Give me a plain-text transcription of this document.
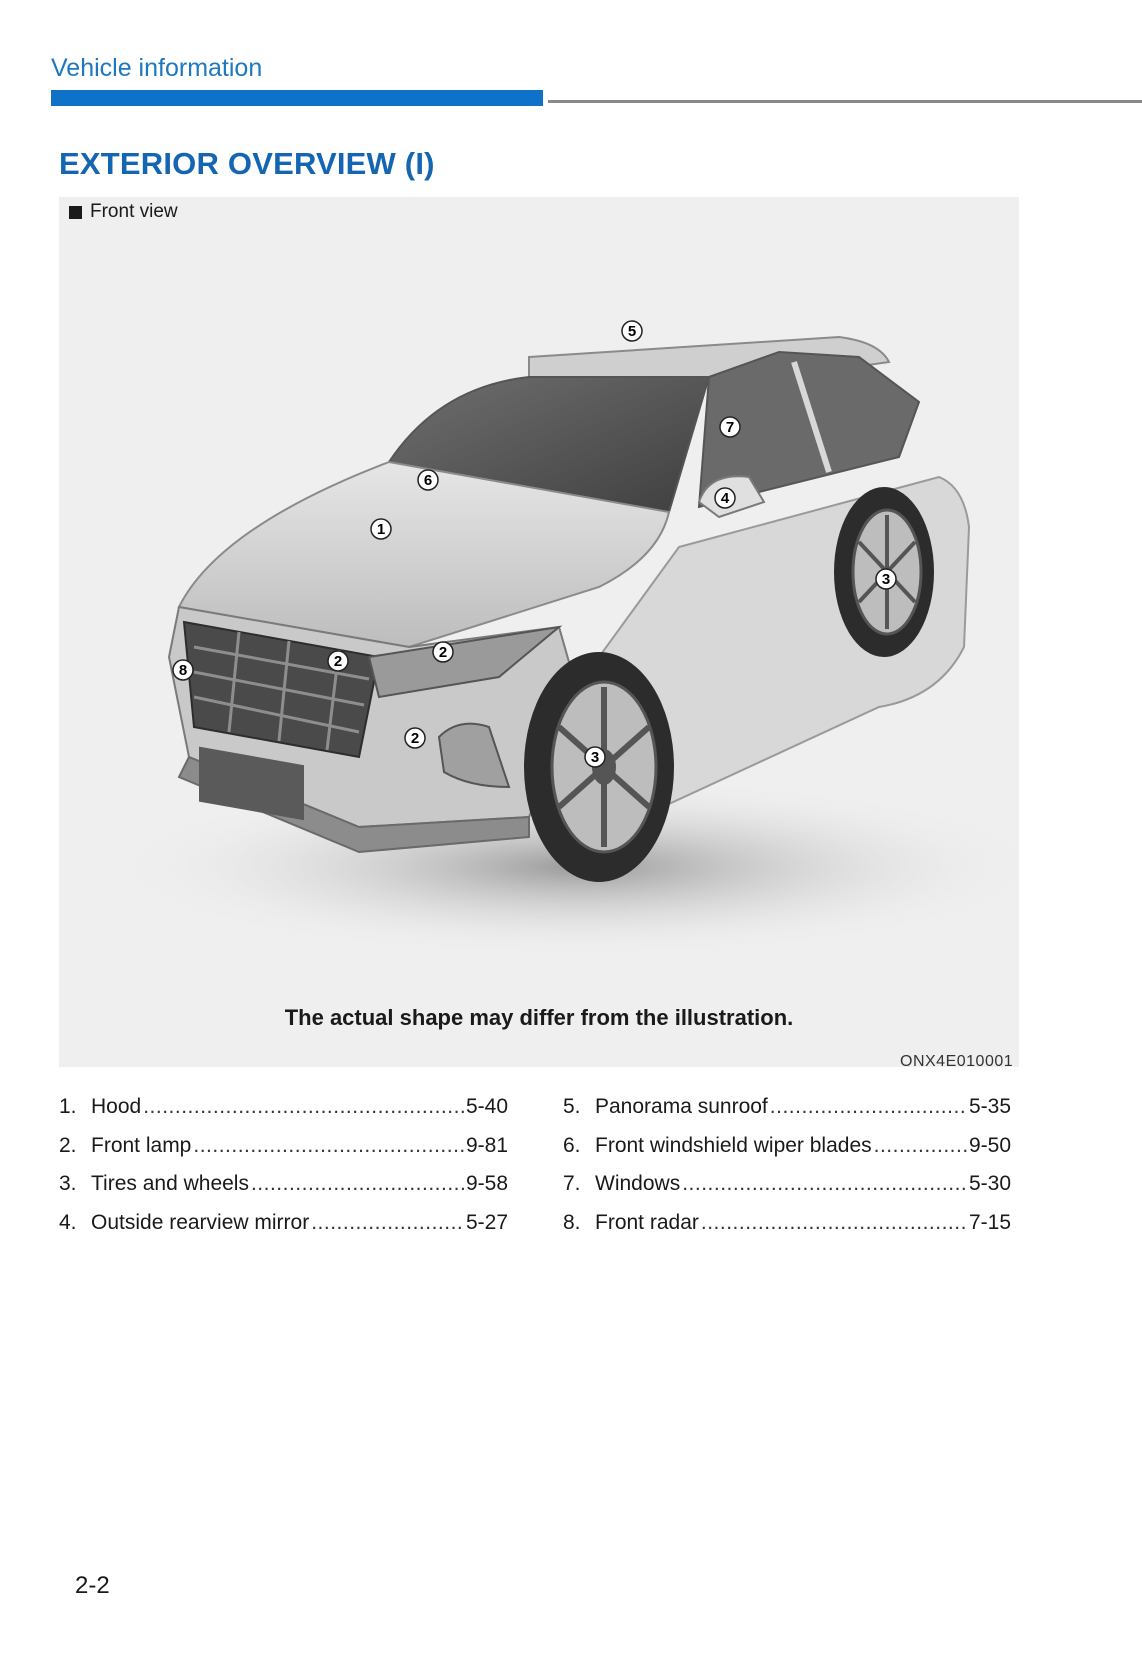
Vehicle information
EXTERIOR OVERVIEW (I)
Front view
1
2
2
2
3
3
4
5
6
7
8
The actual shape may differ from the illustration.
ONX4E010001
1. Hood .....	5-40
2. Front lamp .....	9-81
3. Tires and wheels .....	9-58
4. Outside rearview mirror .....	5-27
5. Panorama sunroof .....	5-35
6. Front windshield wiper blades .....	9-50
7. Windows .....	5-30
8. Front radar .....	7-15
2-2
